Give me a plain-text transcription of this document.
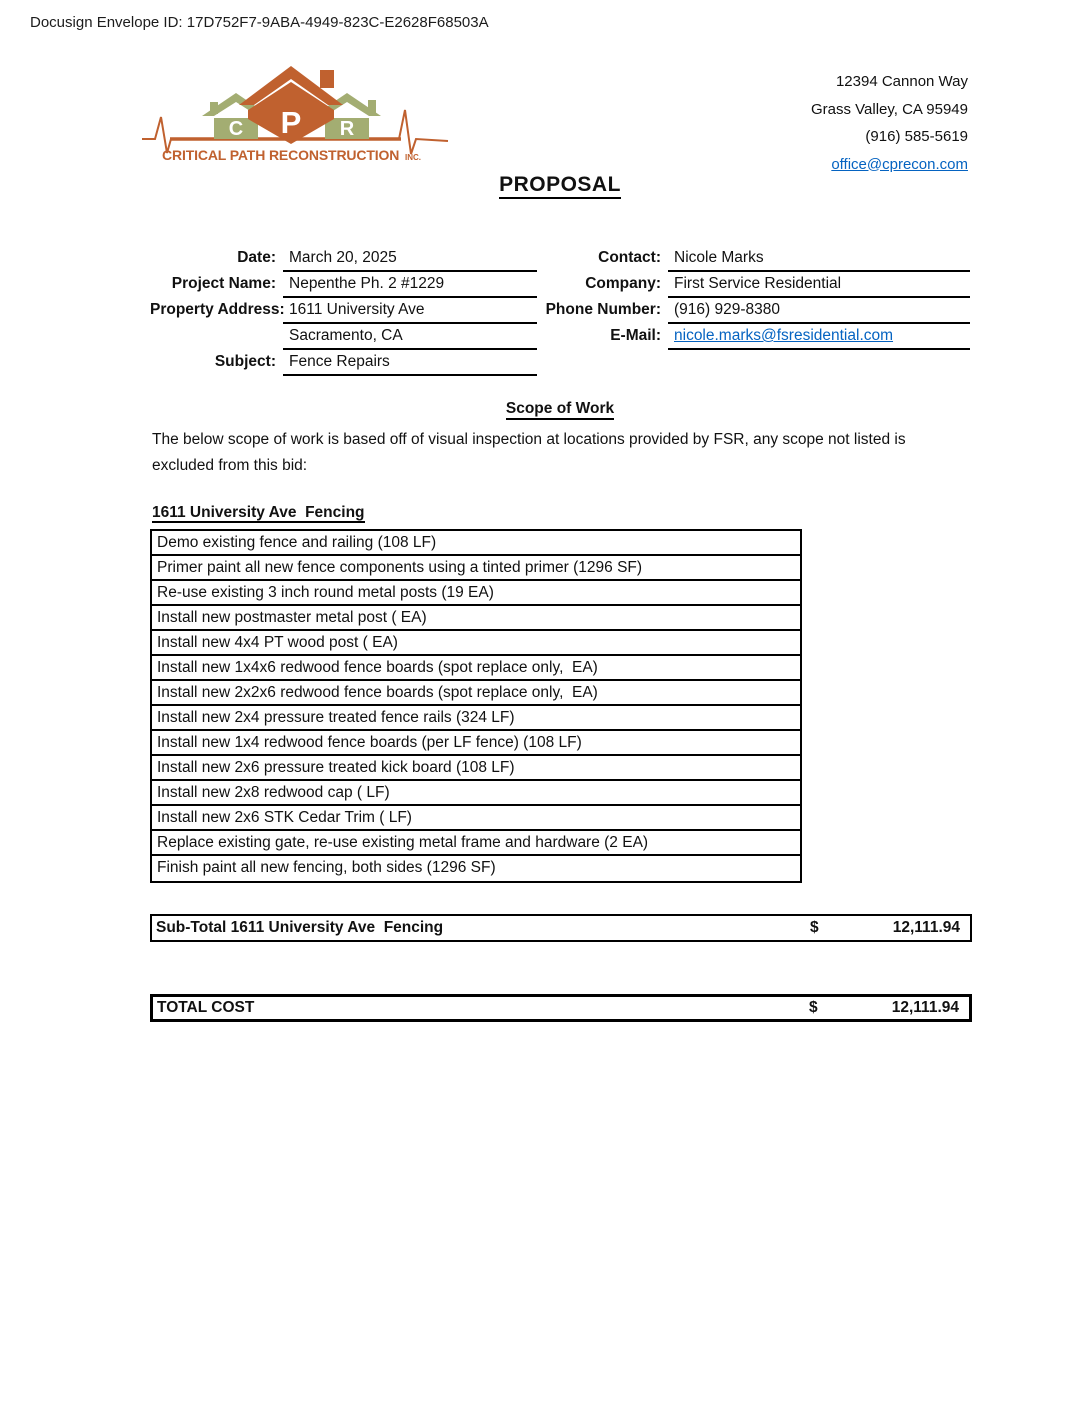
Docusign Envelope ID: 17D752F7-9ABA-4949-823C-E2628F68503A
C	R
P
CRITICAL PATH RECONSTRUCTION INC.
12394 Cannon Way
Grass Valley, CA 95949
(916) 585-5619
office@cprecon.com
PROPOSAL
Date: March 20, 2025	Contact: Nicole Marks
Project Name: Nepenthe Ph. 2 #1229	Company: First Service Residential
Property Address: 1611 University Ave	Phone Number: (916) 929-8380
Sacramento, CA	E-Mail: nicole.marks@fsresidential.com
Subject: Fence Repairs
Scope of Work
The below scope of work is based off of visual inspection at locations provided by FSR, any scope not listed is excluded from this bid:
1611 University Ave  Fencing
Demo existing fence and railing (108 LF)
Primer paint all new fence components using a tinted primer (1296 SF)
Re-use existing 3 inch round metal posts (19 EA)
Install new postmaster metal post ( EA)
Install new 4x4 PT wood post ( EA)
Install new 1x4x6 redwood fence boards (spot replace only,  EA)
Install new 2x2x6 redwood fence boards (spot replace only,  EA)
Install new 2x4 pressure treated fence rails (324 LF)
Install new 1x4 redwood fence boards (per LF fence) (108 LF)
Install new 2x6 pressure treated kick board (108 LF)
Install new 2x8 redwood cap ( LF)
Install new 2x6 STK Cedar Trim ( LF)
Replace existing gate, re-use existing metal frame and hardware (2 EA)
Finish paint all new fencing, both sides (1296 SF)
Sub-Total 1611 University Ave  Fencing	$	12,111.94
TOTAL COST	$	12,111.94
